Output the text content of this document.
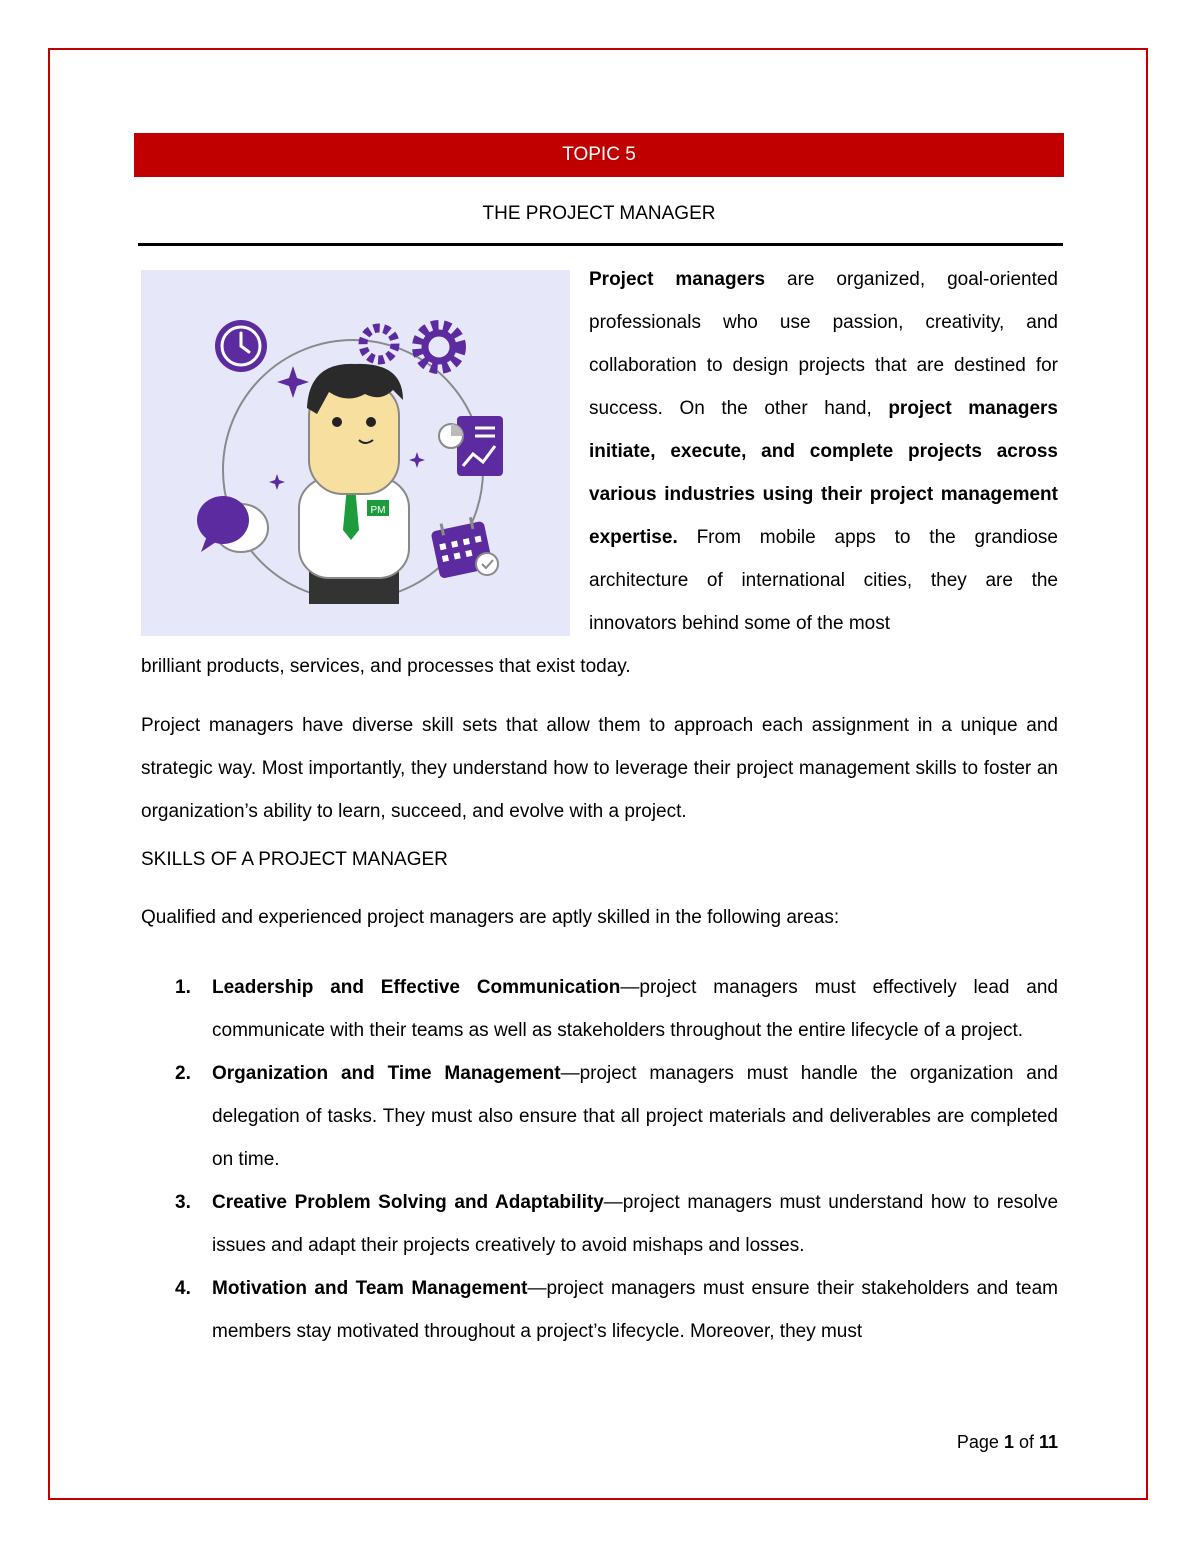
TOPIC 5
THE PROJECT MANAGER
PM

Project managers are organized, goal-oriented professionals who use passion, creativity, and collaboration to design projects that are destined for success. On the other hand, project managers initiate, execute, and complete projects across various industries using their project management expertise. From mobile apps to the grandiose architecture of international cities, they are the innovators behind some of the most

brilliant products, services, and processes that exist today.

Project managers have diverse skill sets that allow them to approach each assignment in a unique and strategic way. Most importantly, they understand how to leverage their project management skills to foster an organization’s ability to learn, succeed, and evolve with a project.

SKILLS OF A PROJECT MANAGER

Qualified and experienced project managers are aptly skilled in the following areas:

1. Leadership and Effective Communication—project managers must effectively lead and communicate with their teams as well as stakeholders throughout the entire lifecycle of a project.
2. Organization and Time Management—project managers must handle the organization and delegation of tasks. They must also ensure that all project materials and deliverables are completed on time.
3. Creative Problem Solving and Adaptability—project managers must understand how to resolve issues and adapt their projects creatively to avoid mishaps and losses.
4. Motivation and Team Management—project managers must ensure their stakeholders and team members stay motivated throughout a project’s lifecycle. Moreover, they must
Page 1 of 11
